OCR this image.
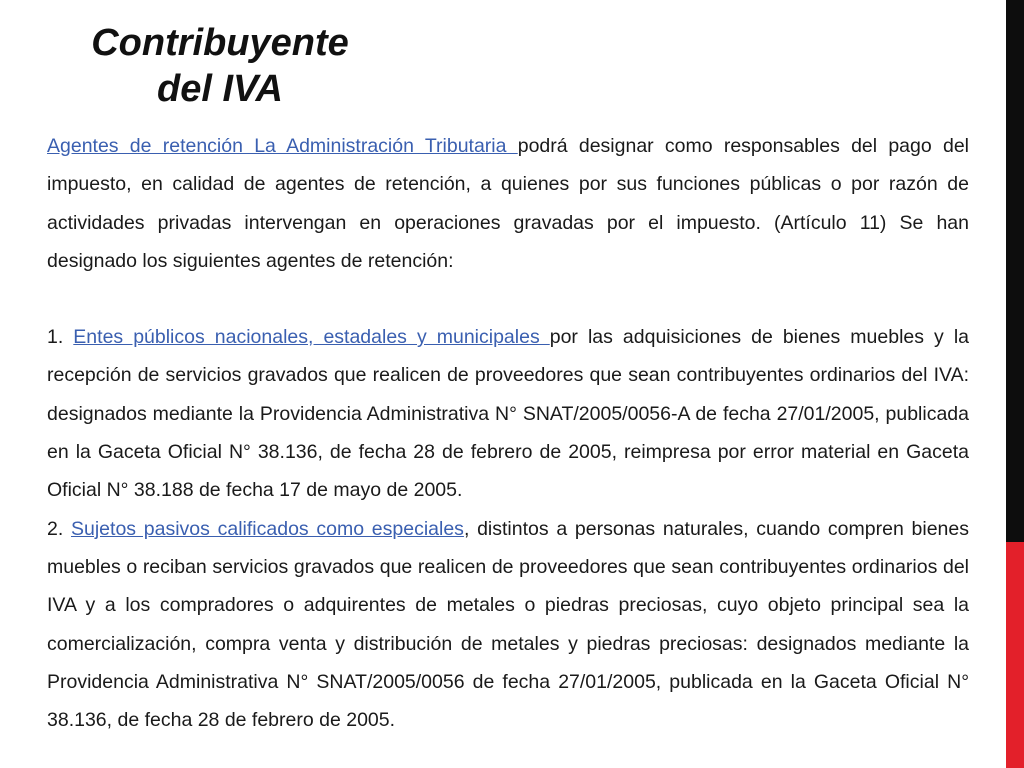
Contribuyente
del IVA

Agentes de retención La Administración Tributaria podrá designar como responsables del pago del impuesto, en calidad de agentes de retención, a quienes por sus funciones públicas o por razón de actividades privadas intervengan en operaciones gravadas por el impuesto. (Artículo 11) Se han designado los siguientes agentes de retención:

1. Entes públicos nacionales, estadales y municipales por las adquisiciones de bienes muebles y la recepción de servicios gravados que realicen de proveedores que sean contribuyentes ordinarios del IVA: designados mediante la Providencia Administrativa N° SNAT/2005/0056-A de fecha 27/01/2005, publicada en la Gaceta Oficial N° 38.136, de fecha 28 de febrero de 2005, reimpresa por error material en Gaceta Oficial N° 38.188 de fecha 17 de mayo de 2005.

2. Sujetos pasivos calificados como especiales, distintos a personas naturales, cuando compren bienes muebles o reciban servicios gravados que realicen de proveedores que sean contribuyentes ordinarios del IVA y a los compradores o adquirentes de metales o piedras preciosas, cuyo objeto principal sea la comercialización, compra venta y distribución de metales y piedras preciosas: designados mediante la Providencia Administrativa N° SNAT/2005/0056 de fecha 27/01/2005, publicada en la Gaceta Oficial N° 38.136, de fecha 28 de febrero de 2005.
